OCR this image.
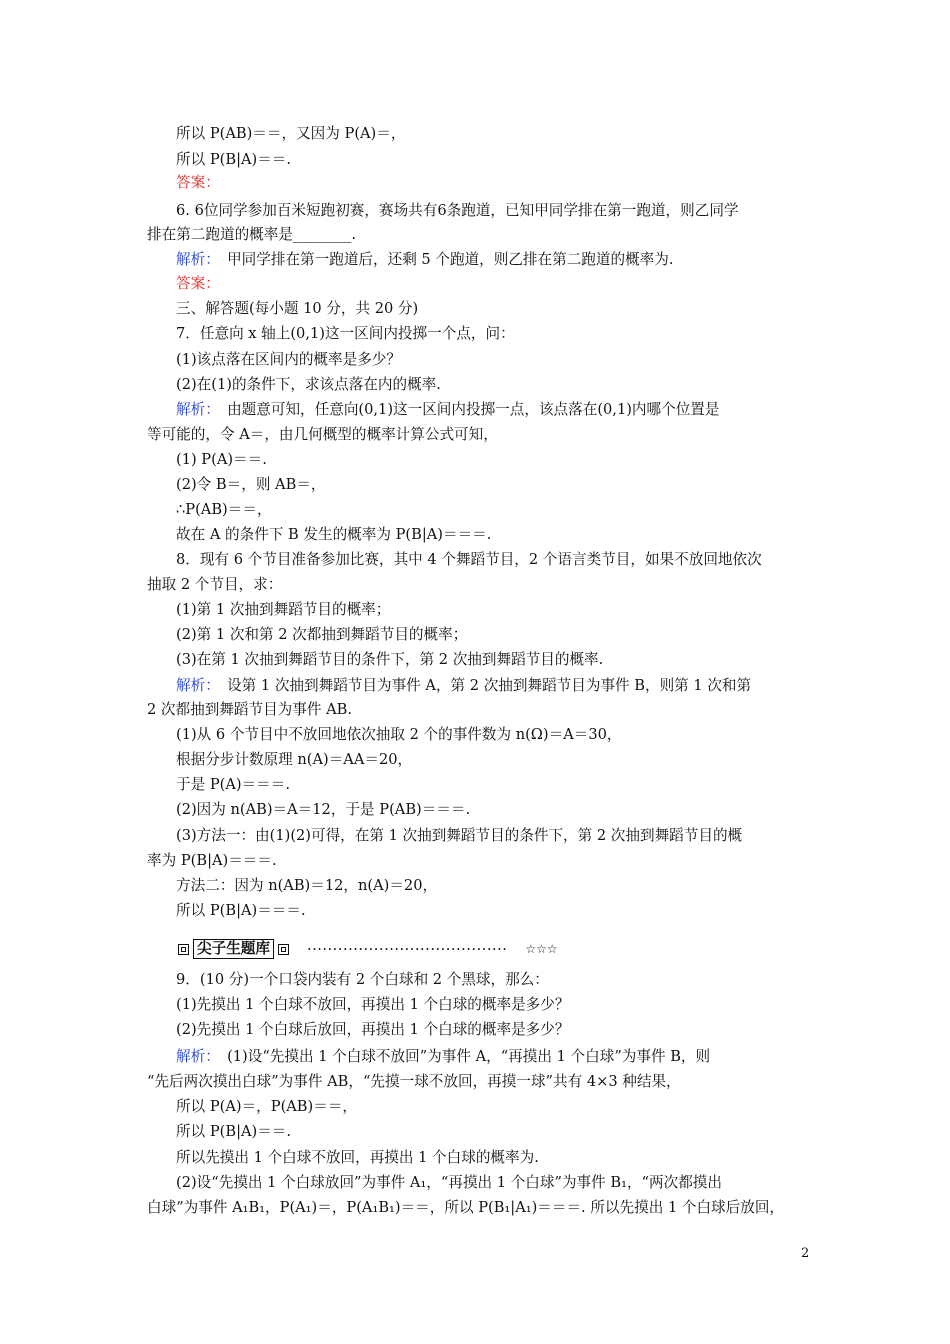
所以 P(AB)＝＝，又因为 P(A)＝，
所以 P(B|A)＝＝.
答案：
6. 6位同学参加百米短跑初赛，赛场共有6条跑道，已知甲同学排在第一跑道，则乙同学
排在第二跑道的概率是________.
解析：　甲同学排在第一跑道后，还剩 5 个跑道，则乙排在第二跑道的概率为.
答案：
三、解答题(每小题 10 分，共 20 分)
7．任意向 x 轴上(0,1)这一区间内投掷一个点，问：
(1)该点落在区间内的概率是多少？
(2)在(1)的条件下，求该点落在内的概率.
解析：　由题意可知，任意向(0,1)这一区间内投掷一点，该点落在(0,1)内哪个位置是
等可能的，令 A＝，由几何概型的概率计算公式可知，
(1) P(A)＝＝.
(2)令 B＝，则 AB＝，
∴P(AB)＝＝，
故在 A 的条件下 B 发生的概率为 P(B|A)＝＝＝.
8．现有 6 个节目准备参加比赛，其中 4 个舞蹈节目，2 个语言类节目，如果不放回地依次
抽取 2 个节目，求：
(1)第 1 次抽到舞蹈节目的概率；
(2)第 1 次和第 2 次都抽到舞蹈节目的概率；
(3)在第 1 次抽到舞蹈节目的条件下，第 2 次抽到舞蹈节目的概率.
解析：　设第 1 次抽到舞蹈节目为事件 A，第 2 次抽到舞蹈节目为事件 B，则第 1 次和第
2 次都抽到舞蹈节目为事件 AB.
(1)从 6 个节目中不放回地依次抽取 2 个的事件数为 n(Ω)＝A＝30，
根据分步计数原理 n(A)＝AA＝20，
于是 P(A)＝＝＝.
(2)因为 n(AB)＝A＝12，于是 P(AB)＝＝＝.
(3)方法一：由(1)(2)可得，在第 1 次抽到舞蹈节目的条件下，第 2 次抽到舞蹈节目的概
率为 P(B|A)＝＝＝.
方法二：因为 n(AB)＝12，n(A)＝20，
所以 P(B|A)＝＝＝.
9．(10 分)一个口袋内装有 2 个白球和 2 个黑球，那么：
(1)先摸出 1 个白球不放回，再摸出 1 个白球的概率是多少？
(2)先摸出 1 个白球后放回，再摸出 1 个白球的概率是多少？
解析：　(1)设“先摸出 1 个白球不放回”为事件 A，“再摸出 1 个白球”为事件 B，则
“先后两次摸出白球”为事件 AB，“先摸一球不放回，再摸一球”共有 4×3 种结果，
所以 P(A)＝，P(AB)＝＝，
所以 P(B|A)＝＝.
所以先摸出 1 个白球不放回，再摸出 1 个白球的概率为.
(2)设“先摸出 1 个白球放回”为事件 A₁，“再摸出 1 个白球”为事件 B₁，“两次都摸出
白球”为事件 A₁B₁，P(A₁)＝，P(A₁B₁)＝＝，所以 P(B₁|A₁)＝＝＝. 所以先摸出 1 个白球后放回，
尖子生题库	······································· ☆☆☆
2
